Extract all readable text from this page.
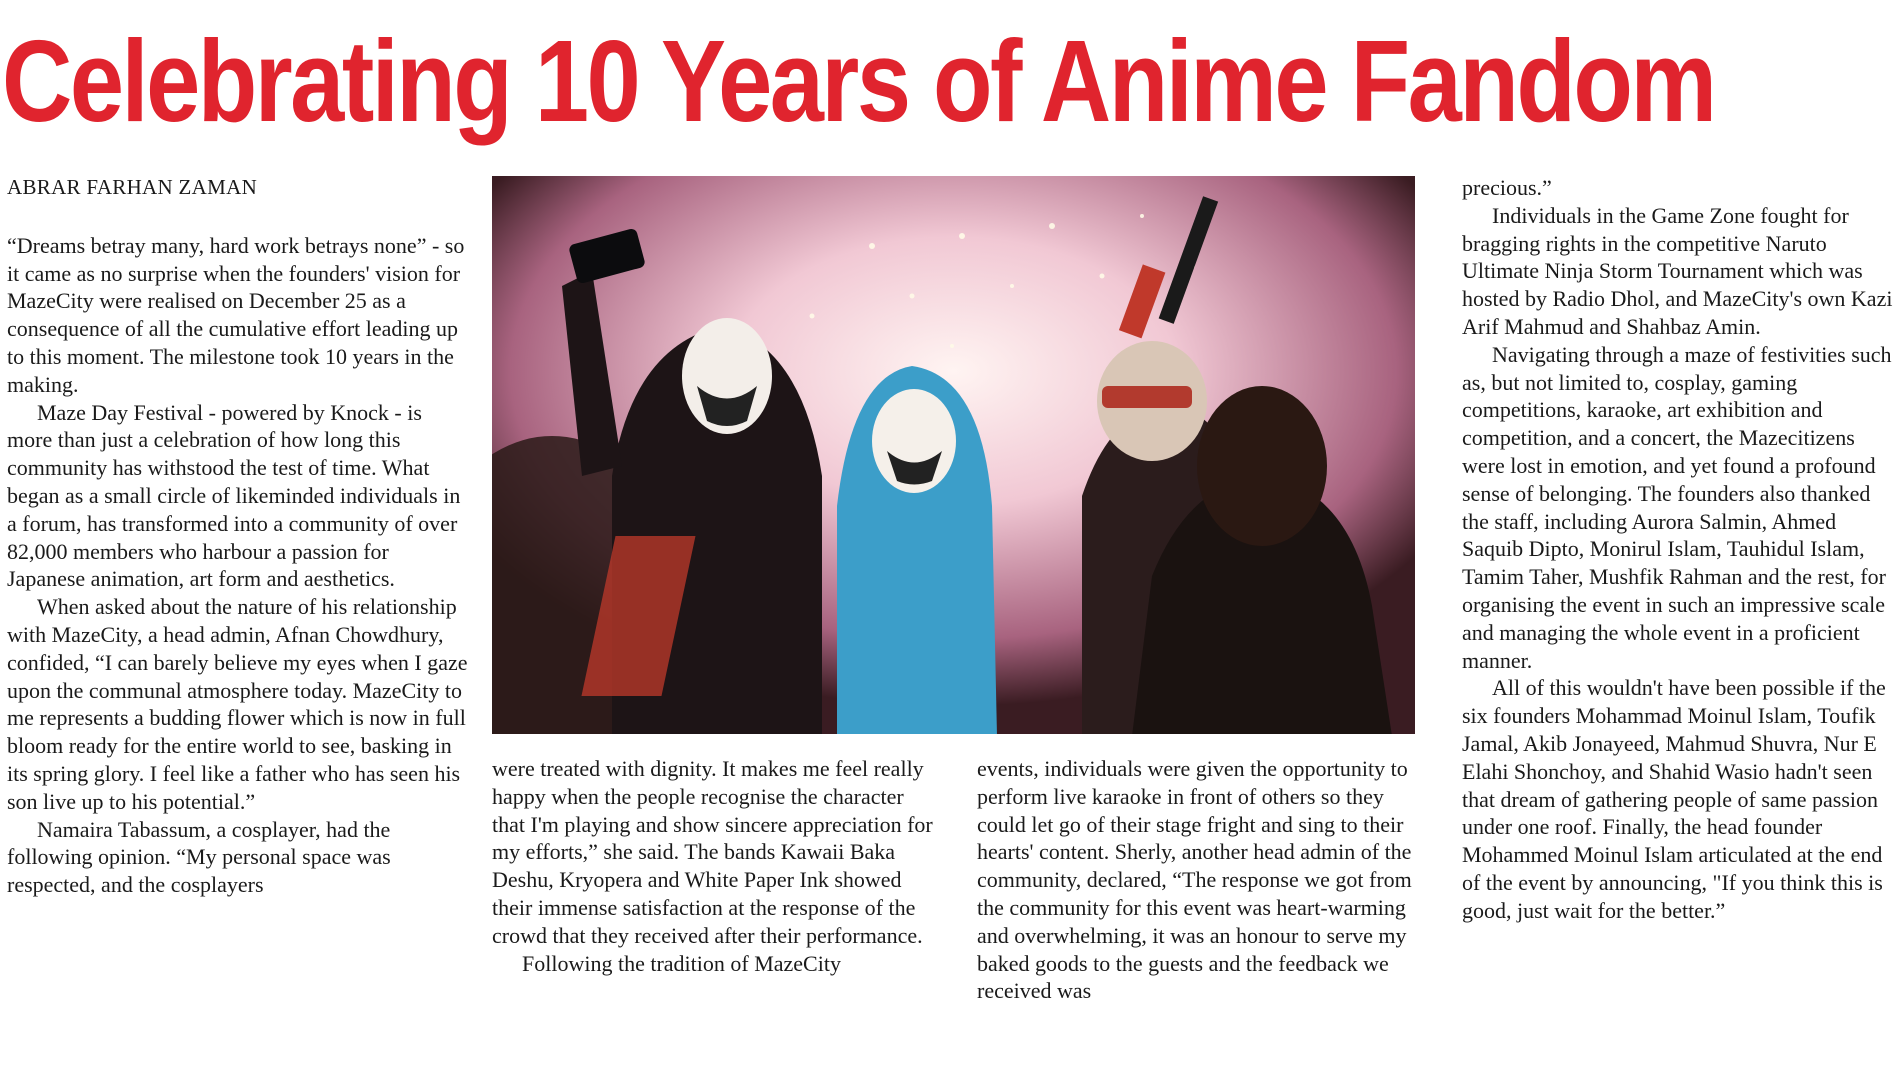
Celebrating 10 Years of Anime Fandom

ABRAR FARHAN ZAMAN

“Dreams betray many, hard work betrays none” - so it came as no surprise when the founders' vision for MazeCity were realised on December 25 as a consequence of all the cumulative effort leading up to this moment. The milestone took 10 years in the making.

Maze Day Festival - powered by Knock - is more than just a celebration of how long this community has withstood the test of time. What began as a small circle of likeminded individuals in a forum, has transformed into a community of over 82,000 members who harbour a passion for Japanese animation, art form and aesthetics.

When asked about the nature of his relationship with MazeCity, a head admin, Afnan Chowdhury, confided, “I can barely believe my eyes when I gaze upon the communal atmosphere today. MazeCity to me represents a budding flower which is now in full bloom ready for the entire world to see, basking in its spring glory. I feel like a father who has seen his son live up to his potential.”

Namaira Tabassum, a cosplayer, had the following opinion. “My personal space was respected, and the cosplayers

were treated with dignity. It makes me feel really happy when the people recognise the character that I'm playing and show sincere appreciation for my efforts,” she said. The bands Kawaii Baka Deshu, Kryopera and White Paper Ink showed their immense satisfaction at the response of the crowd that they received after their performance.

Following the tradition of MazeCity

events, individuals were given the opportunity to perform live karaoke in front of others so they could let go of their stage fright and sing to their hearts' content. Sherly, another head admin of the community, declared, “The response we got from the community for this event was heart-warming and overwhelming, it was an honour to serve my baked goods to the guests and the feedback we received was

precious.”

Individuals in the Game Zone fought for bragging rights in the competitive Naruto Ultimate Ninja Storm Tournament which was hosted by Radio Dhol, and MazeCity's own Kazi Arif Mahmud and Shahbaz Amin.

Navigating through a maze of festivities such as, but not limited to, cosplay, gaming competitions, karaoke, art exhibition and competition, and a concert, the Mazecitizens were lost in emotion, and yet found a profound sense of belonging. The founders also thanked the staff, including Aurora Salmin, Ahmed Saquib Dipto, Monirul Islam, Tauhidul Islam, Tamim Taher, Mushfik Rahman and the rest, for organising the event in such an impressive scale and managing the whole event in a proficient manner.

All of this wouldn't have been possible if the six founders Mohammad Moinul Islam, Toufik Jamal, Akib Jonayeed, Mahmud Shuvra, Nur E Elahi Shonchoy, and Shahid Wasio hadn't seen that dream of gathering people of same passion under one roof. Finally, the head founder Mohammed Moinul Islam articulated at the end of the event by announcing, "If you think this is good, just wait for the better.”
